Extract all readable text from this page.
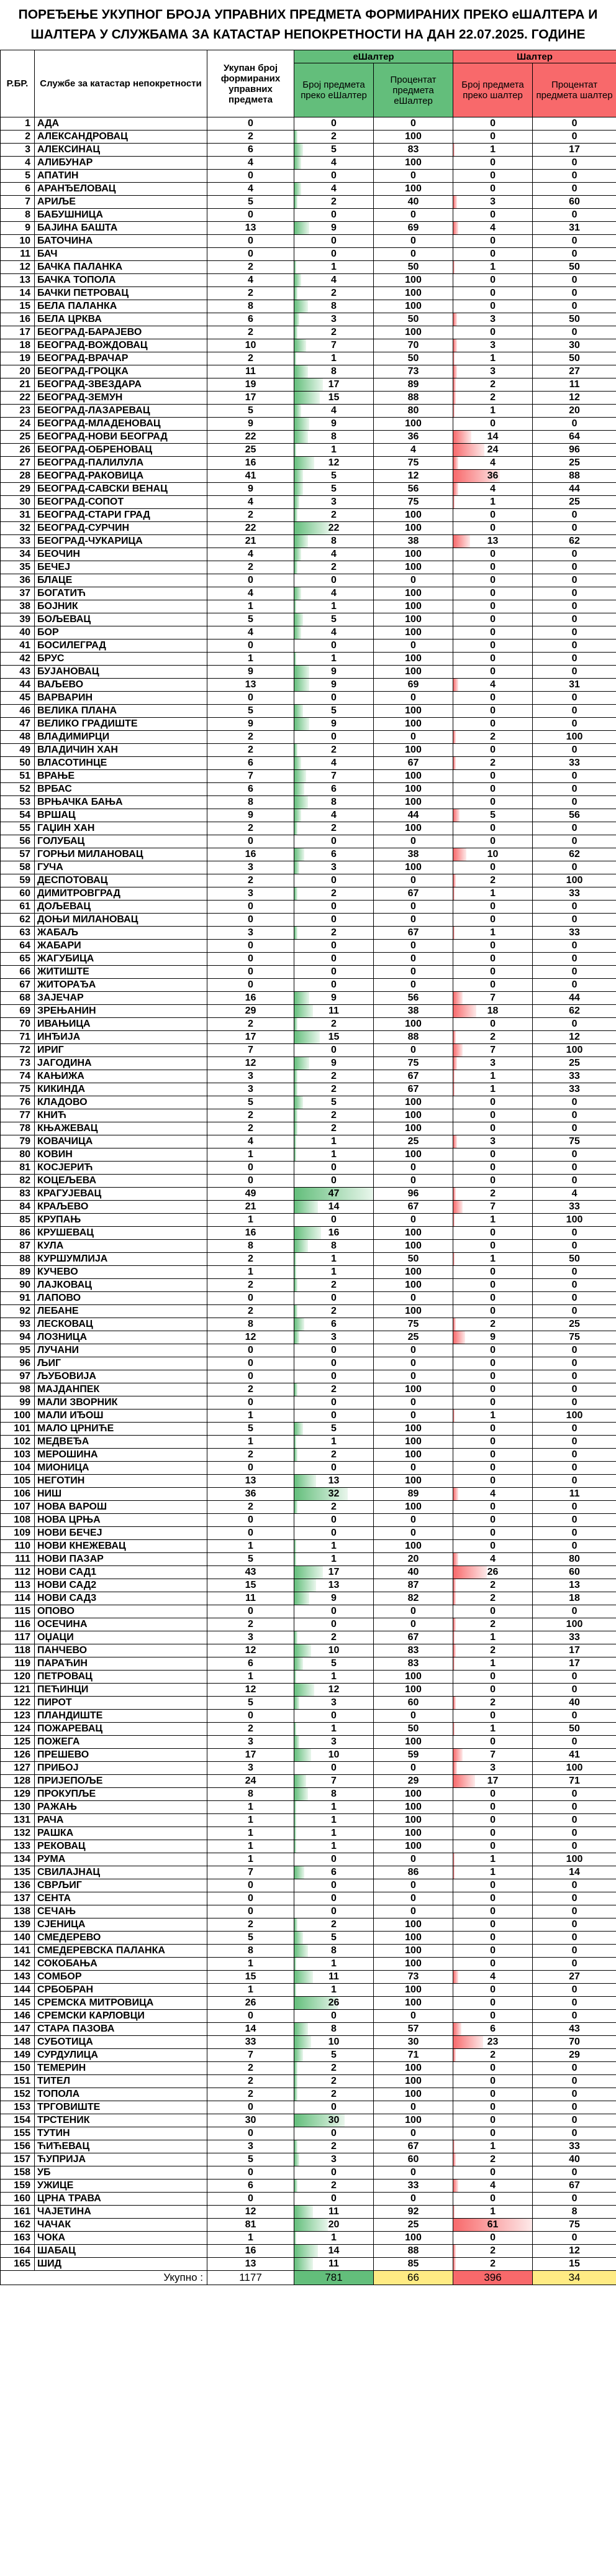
ПОРЕЂЕЊЕ УКУПНОГ БРОЈА УПРАВНИХ ПРЕДМЕТА ФОРМИРАНИХ ПРЕКО еШАЛТЕРА И ШАЛТЕРА У СЛУЖБАМА ЗА КАТАСТАР НЕПОКРЕТНОСТИ НА ДАН 22.07.2025. ГОДИНЕ
Р.БР.	Службе за катастар непокретности	Укупан број формираних управних предмета	еШалтер		Шалтер	
			Број предмета преко еШалтер	Процентат предмета еШалтер	Број предмета преко шалтер	Процентат предмета шалтер
1	АДА	0	0	0	0	0
2	АЛЕКСАНДРОВАЦ	2	2	100	0	0
3	АЛЕКСИНАЦ	6	5	83	1	17
4	АЛИБУНАР	4	4	100	0	0
5	АПАТИН	0	0	0	0	0
6	АРАНЂЕЛОВАЦ	4	4	100	0	0
7	АРИЉЕ	5	2	40	3	60
8	БАБУШНИЦА	0	0	0	0	0
9	БАЈИНА БАШТА	13	9	69	4	31
10	БАТОЧИНА	0	0	0	0	0
11	БАЧ	0	0	0	0	0
12	БАЧКА ПАЛАНКА	2	1	50	1	50
13	БАЧКА ТОПОЛА	4	4	100	0	0
14	БАЧКИ ПЕТРОВАЦ	2	2	100	0	0
15	БЕЛА ПАЛАНКА	8	8	100	0	0
16	БЕЛА ЦРКВА	6	3	50	3	50
17	БЕОГРАД-БАРАЈЕВО	2	2	100	0	0
18	БЕОГРАД-ВОЖДОВАЦ	10	7	70	3	30
19	БЕОГРАД-ВРАЧАР	2	1	50	1	50
20	БЕОГРАД-ГРОЦКА	11	8	73	3	27
21	БЕОГРАД-ЗВЕЗДАРА	19	17	89	2	11
22	БЕОГРАД-ЗЕМУН	17	15	88	2	12
23	БЕОГРАД-ЛАЗАРЕВАЦ	5	4	80	1	20
24	БЕОГРАД-МЛАДЕНОВАЦ	9	9	100	0	0
25	БЕОГРАД-НОВИ БЕОГРАД	22	8	36	14	64
26	БЕОГРАД-ОБРЕНОВАЦ	25	1	4	24	96
27	БЕОГРАД-ПАЛИЛУЛА	16	12	75	4	25
28	БЕОГРАД-РАКОВИЦА	41	5	12	36	88
29	БЕОГРАД-САВСКИ ВЕНАЦ	9	5	56	4	44
30	БЕОГРАД-СОПОТ	4	3	75	1	25
31	БЕОГРАД-СТАРИ ГРАД	2	2	100	0	0
32	БЕОГРАД-СУРЧИН	22	22	100	0	0
33	БЕОГРАД-ЧУКАРИЦА	21	8	38	13	62
34	БЕОЧИН	4	4	100	0	0
35	БЕЧЕЈ	2	2	100	0	0
36	БЛАЦЕ	0	0	0	0	0
37	БОГАТИЋ	4	4	100	0	0
38	БОЈНИК	1	1	100	0	0
39	БОЉЕВАЦ	5	5	100	0	0
40	БОР	4	4	100	0	0
41	БОСИЛЕГРАД	0	0	0	0	0
42	БРУС	1	1	100	0	0
43	БУЈАНОВАЦ	9	9	100	0	0
44	ВАЉЕВО	13	9	69	4	31
45	ВАРВАРИН	0	0	0	0	0
46	ВЕЛИКА ПЛАНА	5	5	100	0	0
47	ВЕЛИКО ГРАДИШТЕ	9	9	100	0	0
48	ВЛАДИМИРЦИ	2	0	0	2	100
49	ВЛАДИЧИН ХАН	2	2	100	0	0
50	ВЛАСОТИНЦЕ	6	4	67	2	33
51	ВРАЊЕ	7	7	100	0	0
52	ВРБАС	6	6	100	0	0
53	ВРЊАЧКА БАЊА	8	8	100	0	0
54	ВРШАЦ	9	4	44	5	56
55	ГАЏИН ХАН	2	2	100	0	0
56	ГОЛУБАЦ	0	0	0	0	0
57	ГОРЊИ МИЛАНОВАЦ	16	6	38	10	62
58	ГУЧА	3	3	100	0	0
59	ДЕСПОТОВАЦ	2	0	0	2	100
60	ДИМИТРОВГРАД	3	2	67	1	33
61	ДОЉЕВАЦ	0	0	0	0	0
62	ДОЊИ МИЛАНОВАЦ	0	0	0	0	0
63	ЖАБАЉ	3	2	67	1	33
64	ЖАБАРИ	0	0	0	0	0
65	ЖАГУБИЦА	0	0	0	0	0
66	ЖИТИШТЕ	0	0	0	0	0
67	ЖИТОРАЂА	0	0	0	0	0
68	ЗАЈЕЧАР	16	9	56	7	44
69	ЗРЕЊАНИН	29	11	38	18	62
70	ИВАЊИЦА	2	2	100	0	0
71	ИНЂИЈА	17	15	88	2	12
72	ИРИГ	7	0	0	7	100
73	ЈАГОДИНА	12	9	75	3	25
74	КАЊИЖА	3	2	67	1	33
75	КИКИНДА	3	2	67	1	33
76	КЛАДОВО	5	5	100	0	0
77	КНИЋ	2	2	100	0	0
78	КЊАЖЕВАЦ	2	2	100	0	0
79	КОВАЧИЦА	4	1	25	3	75
80	КОВИН	1	1	100	0	0
81	КОСЈЕРИЋ	0	0	0	0	0
82	КОЦЕЉЕВА	0	0	0	0	0
83	КРАГУЈЕВАЦ	49	47	96	2	4
84	КРАЉЕВО	21	14	67	7	33
85	КРУПАЊ	1	0	0	1	100
86	КРУШЕВАЦ	16	16	100	0	0
87	КУЛА	8	8	100	0	0
88	КУРШУМЛИЈА	2	1	50	1	50
89	КУЧЕВО	1	1	100	0	0
90	ЛАЈКОВАЦ	2	2	100	0	0
91	ЛАПОВО	0	0	0	0	0
92	ЛЕБАНЕ	2	2	100	0	0
93	ЛЕСКОВАЦ	8	6	75	2	25
94	ЛОЗНИЦА	12	3	25	9	75
95	ЛУЧАНИ	0	0	0	0	0
96	ЉИГ	0	0	0	0	0
97	ЉУБОВИЈА	0	0	0	0	0
98	МАЈДАНПЕК	2	2	100	0	0
99	МАЛИ ЗВОРНИК	0	0	0	0	0
100	МАЛИ ИЂОШ	1	0	0	1	100
101	МАЛО ЦРНИЋЕ	5	5	100	0	0
102	МЕДВЕЂА	1	1	100	0	0
103	МЕРОШИНА	2	2	100	0	0
104	МИОНИЦА	0	0	0	0	0
105	НЕГОТИН	13	13	100	0	0
106	НИШ	36	32	89	4	11
107	НОВА ВАРОШ	2	2	100	0	0
108	НОВА ЦРЊА	0	0	0	0	0
109	НОВИ БЕЧЕЈ	0	0	0	0	0
110	НОВИ КНЕЖЕВАЦ	1	1	100	0	0
111	НОВИ ПАЗАР	5	1	20	4	80
112	НОВИ САД1	43	17	40	26	60
113	НОВИ САД2	15	13	87	2	13
114	НОВИ САД3	11	9	82	2	18
115	ОПОВО	0	0	0	0	0
116	ОСЕЧИНА	2	0	0	2	100
117	ОЏАЦИ	3	2	67	1	33
118	ПАНЧЕВО	12	10	83	2	17
119	ПАРАЋИН	6	5	83	1	17
120	ПЕТРОВАЦ	1	1	100	0	0
121	ПЕЋИНЦИ	12	12	100	0	0
122	ПИРОТ	5	3	60	2	40
123	ПЛАНДИШТЕ	0	0	0	0	0
124	ПОЖАРЕВАЦ	2	1	50	1	50
125	ПОЖЕГА	3	3	100	0	0
126	ПРЕШЕВО	17	10	59	7	41
127	ПРИБОЈ	3	0	0	3	100
128	ПРИЈЕПОЉЕ	24	7	29	17	71
129	ПРОКУПЉЕ	8	8	100	0	0
130	РАЖАЊ	1	1	100	0	0
131	РАЧА	1	1	100	0	0
132	РАШКА	1	1	100	0	0
133	РЕКОВАЦ	1	1	100	0	0
134	РУМА	1	0	0	1	100
135	СВИЛАЈНАЦ	7	6	86	1	14
136	СВРЉИГ	0	0	0	0	0
137	СЕНТА	0	0	0	0	0
138	СЕЧАЊ	0	0	0	0	0
139	СЈЕНИЦА	2	2	100	0	0
140	СМЕДЕРЕВО	5	5	100	0	0
141	СМЕДЕРЕВСКА ПАЛАНКА	8	8	100	0	0
142	СОКОБАЊА	1	1	100	0	0
143	СОМБОР	15	11	73	4	27
144	СРБОБРАН	1	1	100	0	0
145	СРЕМСКА МИТРОВИЦА	26	26	100	0	0
146	СРЕМСКИ КАРЛОВЦИ	0	0	0	0	0
147	СТАРА ПАЗОВА	14	8	57	6	43
148	СУБОТИЦА	33	10	30	23	70
149	СУРДУЛИЦА	7	5	71	2	29
150	ТЕМЕРИН	2	2	100	0	0
151	ТИТЕЛ	2	2	100	0	0
152	ТОПОЛА	2	2	100	0	0
153	ТРГОВИШТЕ	0	0	0	0	0
154	ТРСТЕНИК	30	30	100	0	0
155	ТУТИН	0	0	0	0	0
156	ЋИЋЕВАЦ	3	2	67	1	33
157	ЋУПРИЈА	5	3	60	2	40
158	УБ	0	0	0	0	0
159	УЖИЦЕ	6	2	33	4	67
160	ЦРНА ТРАВА	0	0	0	0	0
161	ЧАЈЕТИНА	12	11	92	1	8
162	ЧАЧАК	81	20	25	61	75
163	ЧОКА	1	1	100	0	0
164	ШАБАЦ	16	14	88	2	12
165	ШИД	13	11	85	2	15
Укупно :		1177	781	66	396	34
